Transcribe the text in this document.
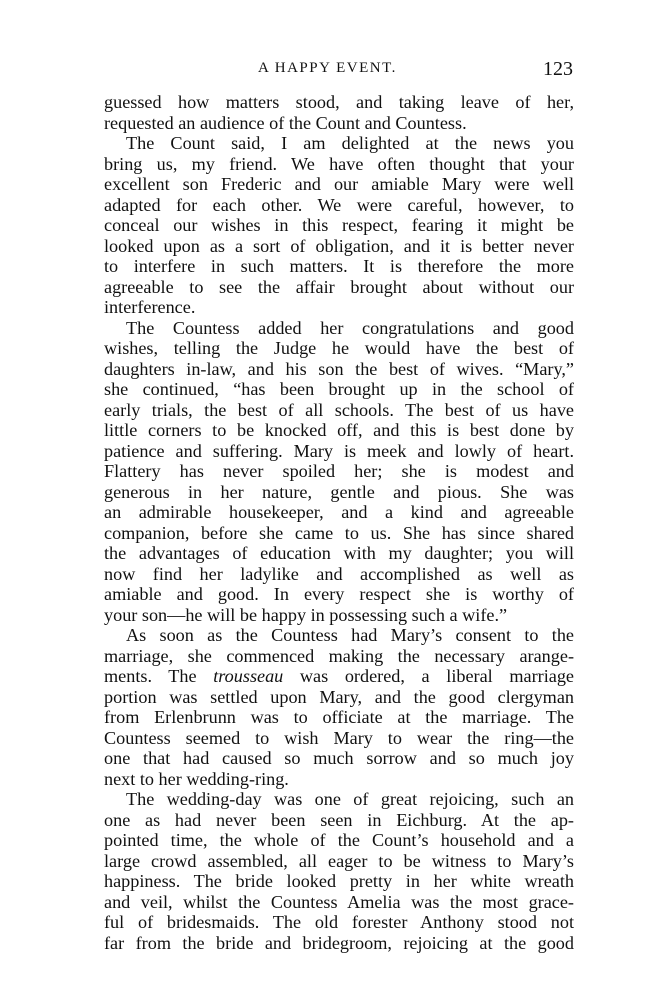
A HAPPY EVENT.	123
guessed how matters stood, and taking leave of her,
requested an audience of the Count and Countess.
The Count said, I am delighted at the news you
bring us, my friend. We have often thought that your
excellent son Frederic and our amiable Mary were well
adapted for each other. We were careful, however, to
conceal our wishes in this respect, fearing it might be
looked upon as a sort of obligation, and it is better never
to interfere in such matters. It is therefore the more
agreeable to see the affair brought about without our
interference.
The Countess added her congratulations and good
wishes, telling the Judge he would have the best of
daughters in-law, and his son the best of wives. “Mary,”
she continued, “has been brought up in the school of
early trials, the best of all schools. The best of us have
little corners to be knocked off, and this is best done by
patience and suffering. Mary is meek and lowly of heart.
Flattery has never spoiled her; she is modest and
generous in her nature, gentle and pious. She was
an admirable housekeeper, and a kind and agreeable
companion, before she came to us. She has since shared
the advantages of education with my daughter; you will
now find her ladylike and accomplished as well as
amiable and good. In every respect she is worthy of
your son—he will be happy in possessing such a wife.”
As soon as the Countess had Mary’s consent to the
marriage, she commenced making the necessary arange-
ments. The trousseau was ordered, a liberal marriage
portion was settled upon Mary, and the good clergyman
from Erlenbrunn was to officiate at the marriage. The
Countess seemed to wish Mary to wear the ring—the
one that had caused so much sorrow and so much joy
next to her wedding-ring.
The wedding-day was one of great rejoicing, such an
one as had never been seen in Eichburg. At the ap-
pointed time, the whole of the Count’s household and a
large crowd assembled, all eager to be witness to Mary’s
happiness. The bride looked pretty in her white wreath
and veil, whilst the Countess Amelia was the most grace-
ful of bridesmaids. The old forester Anthony stood not
far from the bride and bridegroom, rejoicing at the good
